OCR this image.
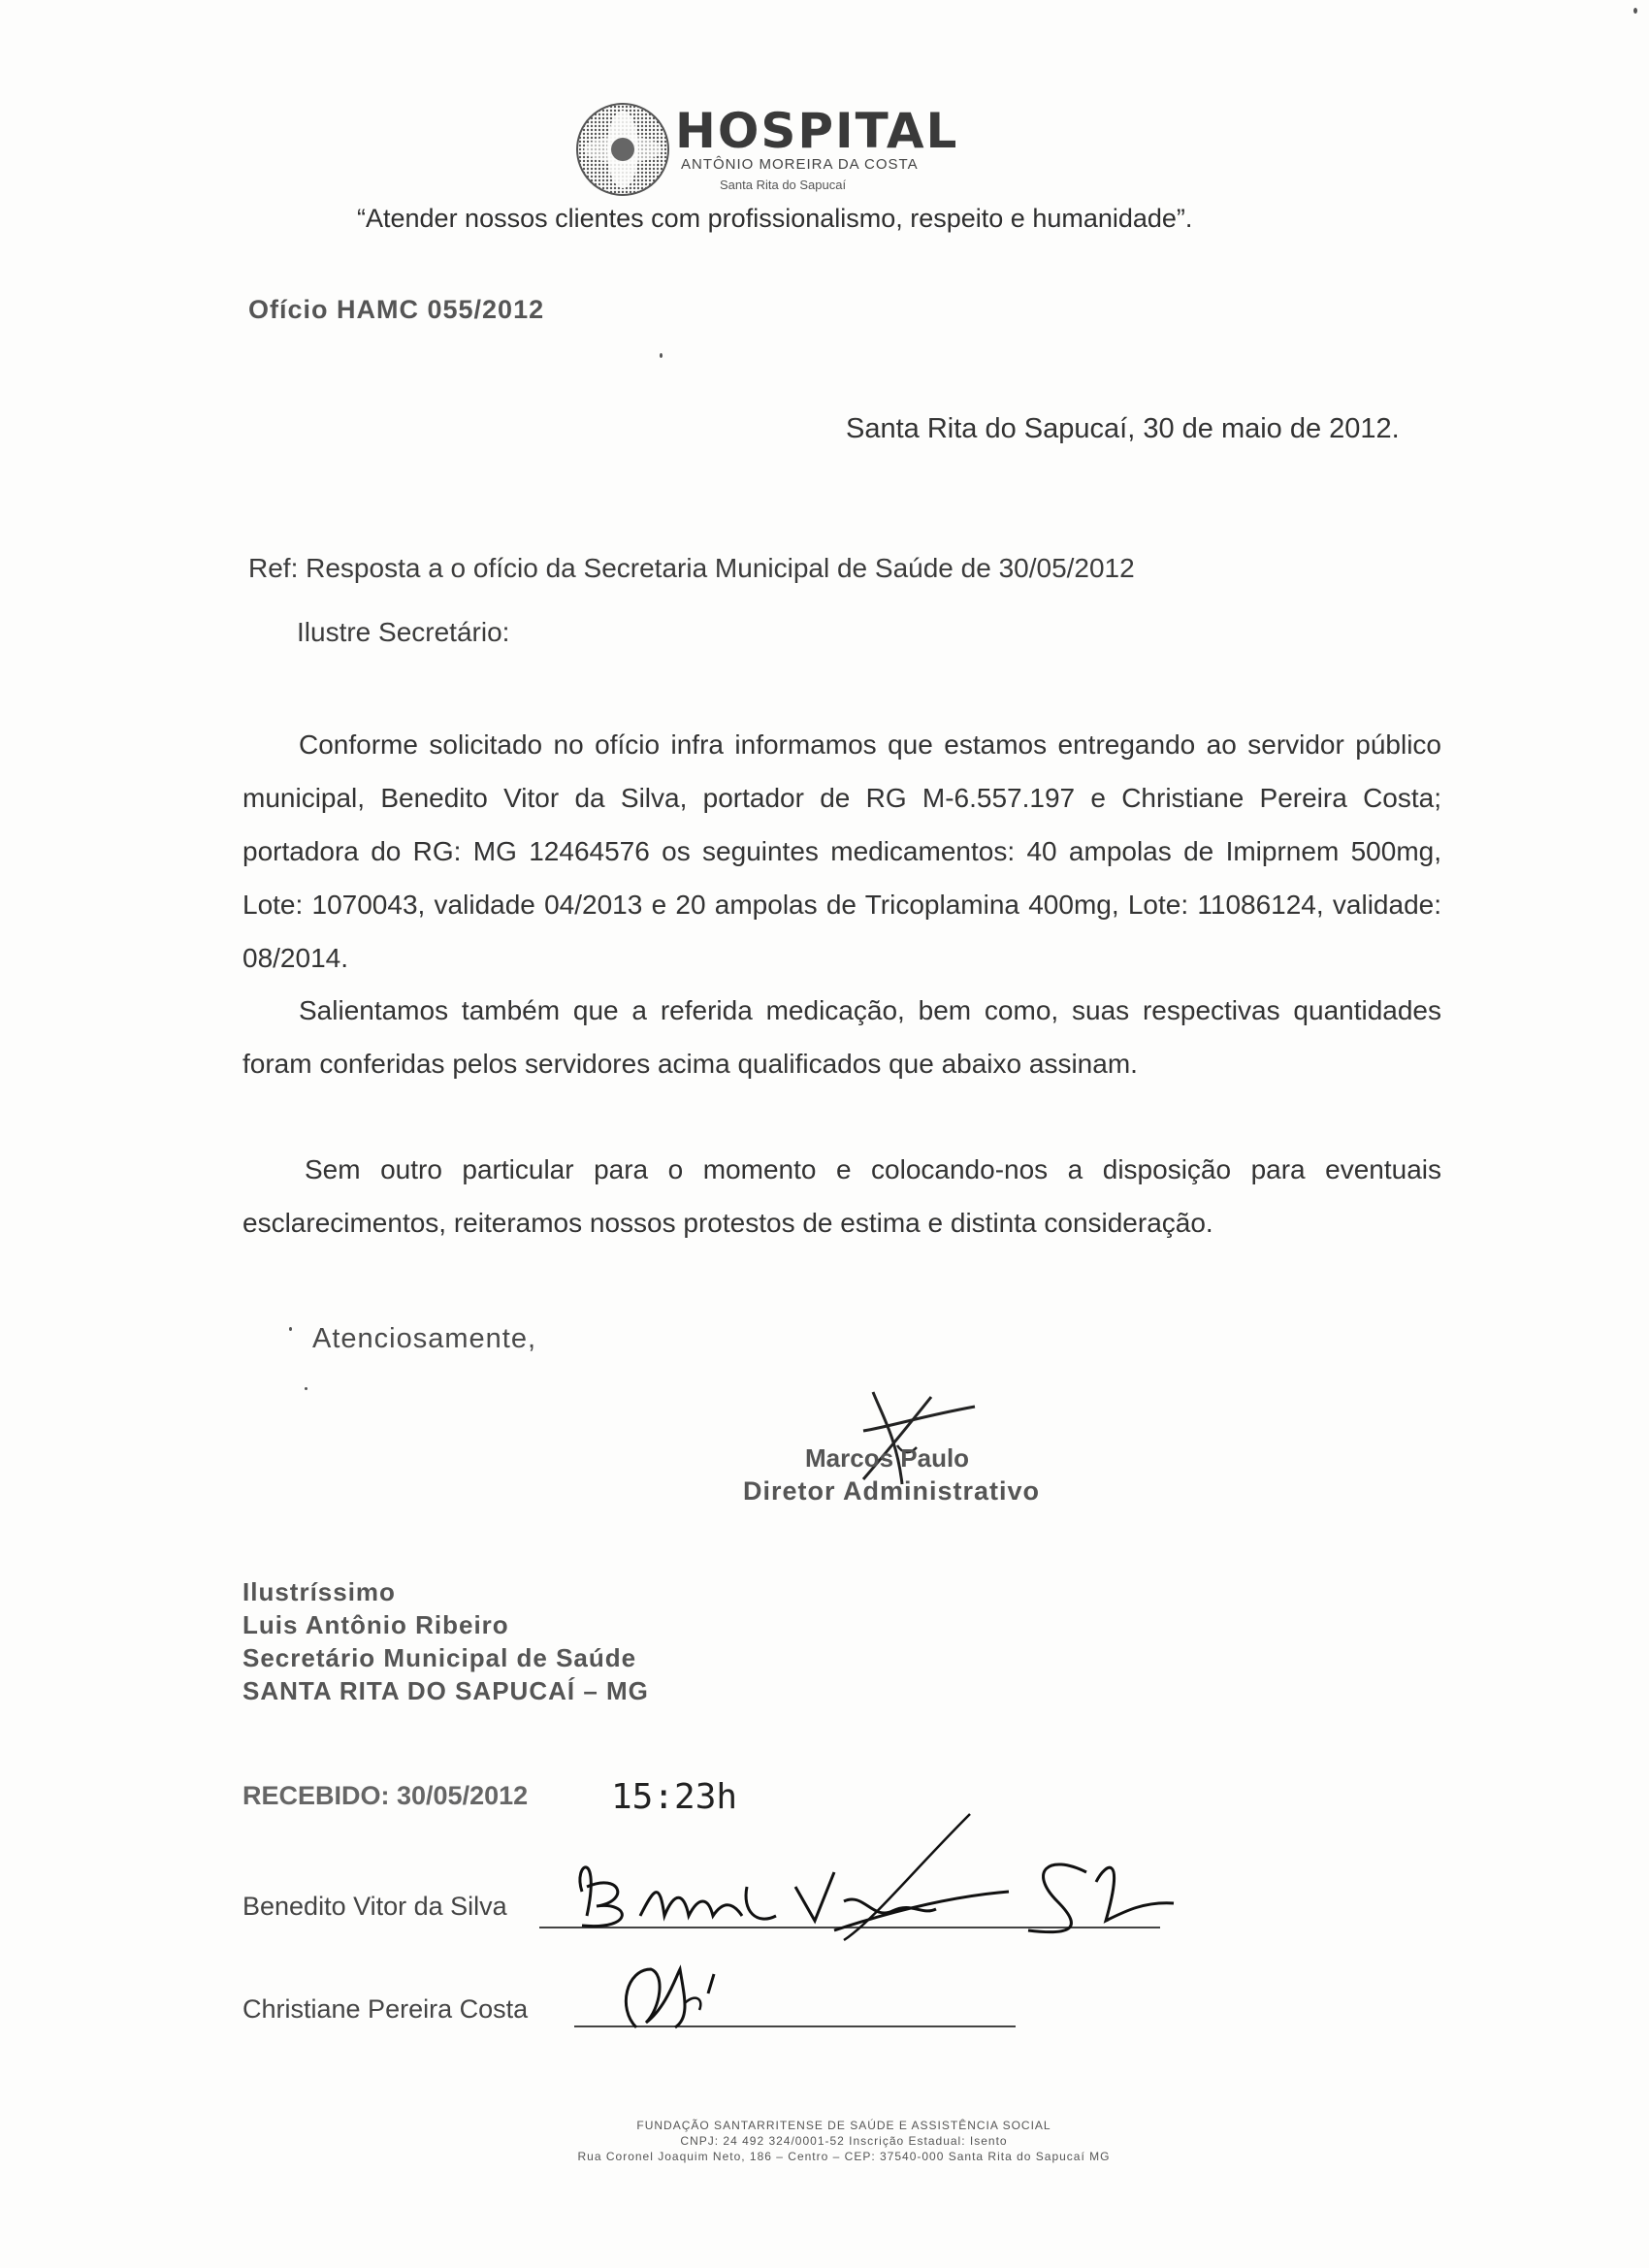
HOSPITAL
ANTÔNIO MOREIRA DA COSTA
Santa Rita do Sapucaí
“Atender nossos clientes com profissionalismo, respeito e humanidade”.
Ofício HAMC 055/2012
Santa Rita do Sapucaí, 30 de maio de 2012.
Ref: Resposta a o ofício da Secretaria Municipal de Saúde de 30/05/2012
Ilustre Secretário:
Conforme solicitado no ofício infra informamos que estamos entregando ao servidor público municipal, Benedito Vitor da Silva, portador de RG M-6.557.197 e Christiane Pereira Costa; portadora do RG: MG 12464576 os seguintes medicamentos: 40 ampolas de Imiprnem 500mg, Lote: 1070043, validade 04/2013 e 20 ampolas de Tricoplamina 400mg, Lote: 11086124, validade: 08/2014.
Salientamos também que a referida medicação, bem como, suas respectivas quantidades foram conferidas pelos servidores acima qualificados que abaixo assinam.
Sem outro particular para o momento e colocando-nos a disposição para eventuais esclarecimentos, reiteramos nossos protestos de estima e distinta consideração.
Atenciosamente,
Marcos Paulo
Diretor Administrativo
Ilustríssimo
Luis Antônio Ribeiro
Secretário Municipal de Saúde
SANTA RITA DO SAPUCAÍ – MG
RECEBIDO: 30/05/2012 15:23h
Benedito Vitor da Silva
Christiane Pereira Costa
FUNDAÇÃO SANTARRITENSE DE SAÚDE E ASSISTÊNCIA SOCIAL
CNPJ: 24 492 324/0001-52 Inscrição Estadual: Isento
Rua Coronel Joaquim Neto, 186 – Centro – CEP: 37540-000 Santa Rita do Sapucaí MG
